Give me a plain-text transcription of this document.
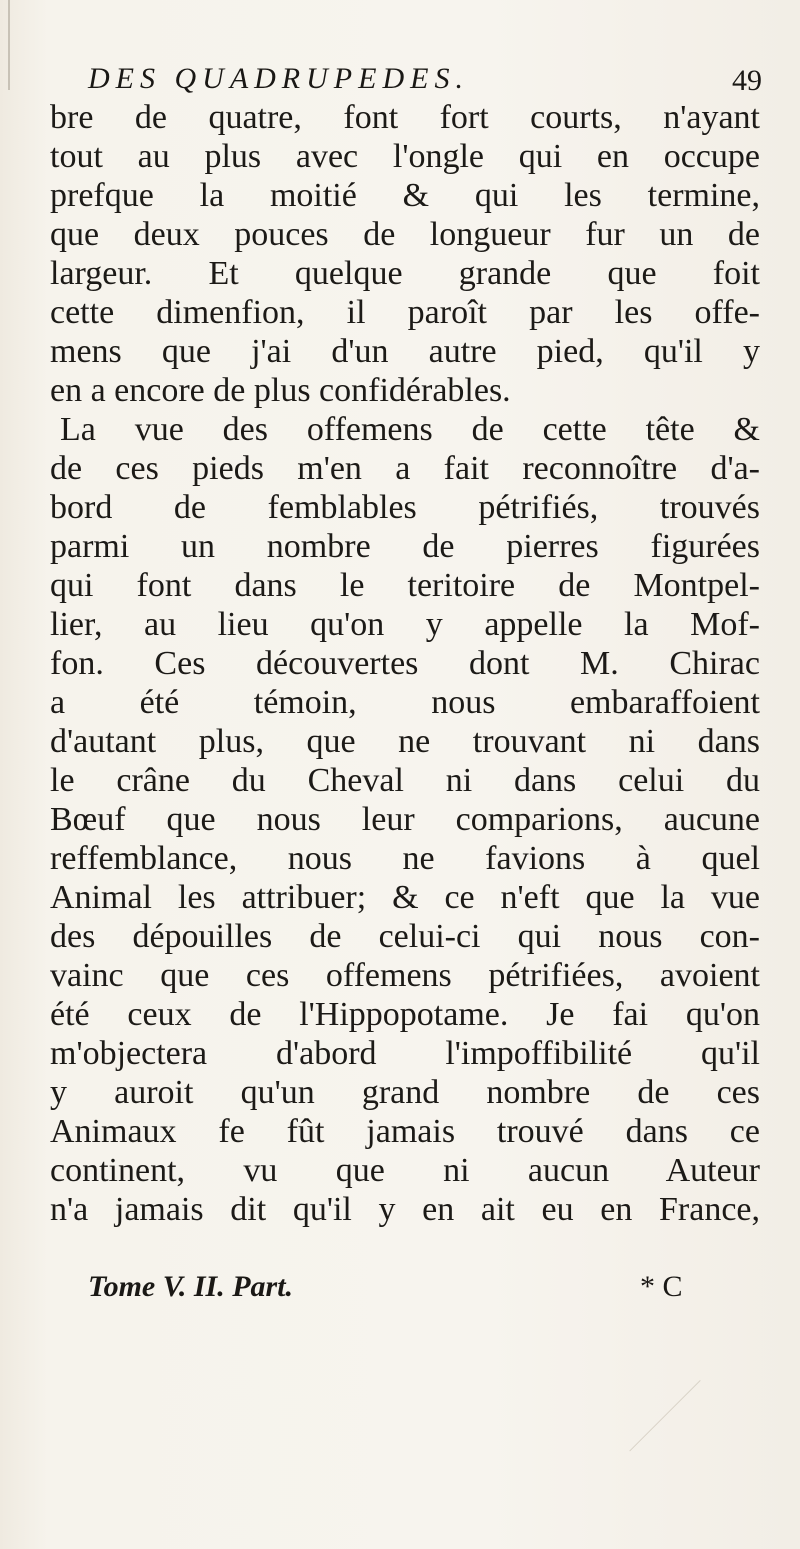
DES QUADRUPEDES.	49
bre de quatre, font fort courts, n'ayant
tout au plus avec l'ongle qui en occupe
prefque la moitié & qui les termine,
que deux pouces de longueur fur un de
largeur. Et quelque grande que foit
cette dimenfion, il paroît par les offe-
mens que j'ai d'un autre pied, qu'il y
en a encore de plus confidérables.
La vue des offemens de cette tête &
de ces pieds m'en a fait reconnoître d'a-
bord de femblables pétrifiés, trouvés
parmi un nombre de pierres figurées
qui font dans le teritoire de Montpel-
lier, au lieu qu'on y appelle la Mof-
fon. Ces découvertes dont M. Chirac
a été témoin, nous embaraffoient
d'autant plus, que ne trouvant ni dans
le crâne du Cheval ni dans celui du
Bœuf que nous leur comparions, aucune
reffemblance, nous ne favions à quel
Animal les attribuer; & ce n'eft que la vue
des dépouilles de celui-ci qui nous con-
vainc que ces offemens pétrifiées, avoient
été ceux de l'Hippopotame. Je fai qu'on
m'objectera d'abord l'impoffibilité qu'il
y auroit qu'un grand nombre de ces
Animaux fe fût jamais trouvé dans ce
continent, vu que ni aucun Auteur
n'a jamais dit qu'il y en ait eu en France,
Tome V. II. Part.	* C
